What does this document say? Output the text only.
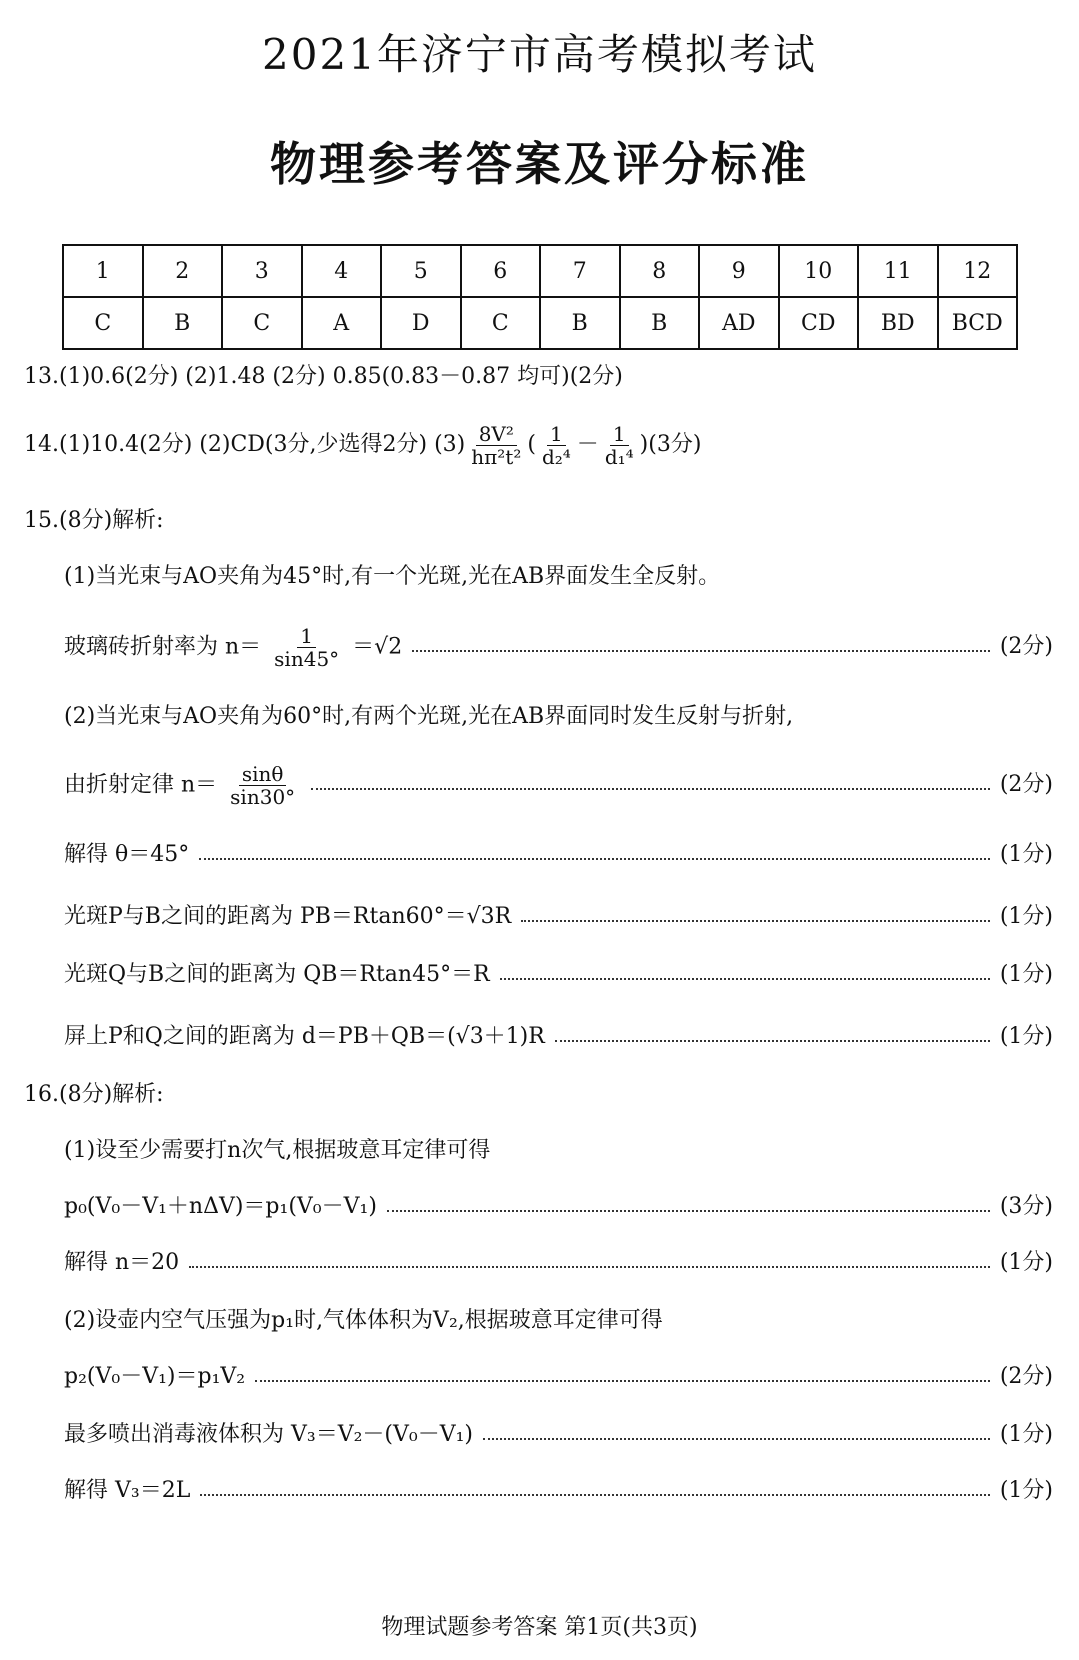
2021年济宁市高考模拟考试
物理参考答案及评分标准
1	2	3	4	5	6	7	8	9	10	11	12
C	B	C	A	D	C	B	B	AD	CD	BD	BCD
13.(1)0.6(2分) (2)1.48 (2分) 0.85(0.83－0.87 均可)(2分)
14.(1)10.4(2分) (2)CD(3分,少选得2分) $(3) \frac{\text{8V²}}{\text{hπ²t²}}$ ( $\frac{1}{\text{d₂⁴}} - \frac{1}{\text{d₁⁴}}$ ) (3分)
15.(8分)解析:
(1)当光束与AO夹角为45°时,有一个光斑,光在AB界面发生全反射。
玻璃砖折射率为 $n= \frac{1}{\sin 45^\circ} =√2$	(2分)
(2)当光束与AO夹角为60°时,有两个光斑,光在AB界面同时发生反射与折射,
由折射定律 $n= \frac{\sin\theta}{\sin 30^\circ}$	(2分)
解得 θ＝45°	(1分)
光斑P与B之间的距离为 PB＝Rtan60°＝√3R	(1分)
光斑Q与B之间的距离为 QB＝Rtan45°＝R	(1分)
屏上P和Q之间的距离为 d＝PB＋QB＝(√3＋1)R	(1分)
16.(8分)解析:
(1)设至少需要打n次气,根据玻意耳定律可得
p₀(V₀－V₁＋nΔV)＝p₁(V₀－V₁)	(3分)
解得 n＝20	(1分)
(2)设壶内空气压强为p₁时,气体体积为V₂,根据玻意耳定律可得
p₂(V₀－V₁)＝p₁V₂	(2分)
最多喷出消毒液体积为 V₃＝V₂－(V₀－V₁)	(1分)
解得 V₃＝2L	(1分)
物理试题参考答案 第1页(共3页)
